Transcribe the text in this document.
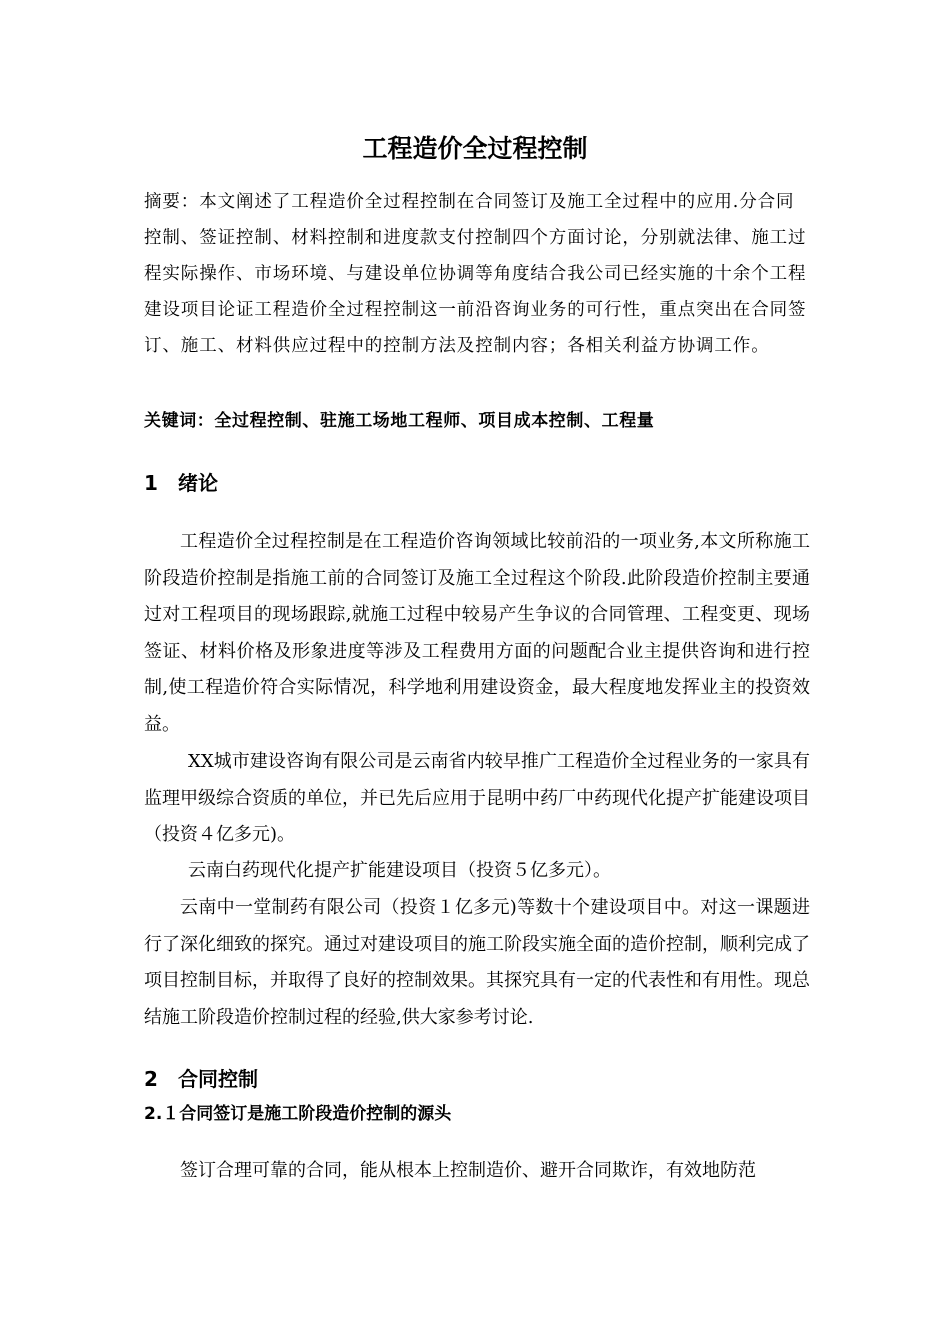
工程造价全过程控制

摘要：本文阐述了工程造价全过程控制在合同签订及施工全过程中的应用.分合同控制、签证控制、材料控制和进度款支付控制四个方面讨论，分别就法律、施工过程实际操作、市场环境、与建设单位协调等角度结合我公司已经实施的十余个工程建设项目论证工程造价全过程控制这一前沿咨询业务的可行性，重点突出在合同签订、施工、材料供应过程中的控制方法及控制内容；各相关利益方协调工作。

关键词：全过程控制、驻施工场地工程师、项目成本控制、工程量

1 绪论

工程造价全过程控制是在工程造价咨询领域比较前沿的一项业务,本文所称施工阶段造价控制是指施工前的合同签订及施工全过程这个阶段.此阶段造价控制主要通过对工程项目的现场跟踪,就施工过程中较易产生争议的合同管理、工程变更、现场签证、材料价格及形象进度等涉及工程费用方面的问题配合业主提供咨询和进行控制,使工程造价符合实际情况，科学地利用建设资金，最大程度地发挥业主的投资效益。

XX城市建设咨询有限公司是云南省内较早推广工程造价全过程业务的一家具有监理甲级综合资质的单位，并已先后应用于昆明中药厂中药现代化提产扩能建设项目（投资４亿多元)。

云南白药现代化提产扩能建设项目（投资５亿多元）。

云南中一堂制药有限公司（投资１亿多元)等数十个建设项目中。对这一课题进行了深化细致的探究。通过对建设项目的施工阶段实施全面的造价控制，顺利完成了项目控制目标，并取得了良好的控制效果。其探究具有一定的代表性和有用性。现总结施工阶段造价控制过程的经验,供大家参考讨论.

2 合同控制
2.１合同签订是施工阶段造价控制的源头

签订合理可靠的合同，能从根本上控制造价、避开合同欺诈，有效地防范
